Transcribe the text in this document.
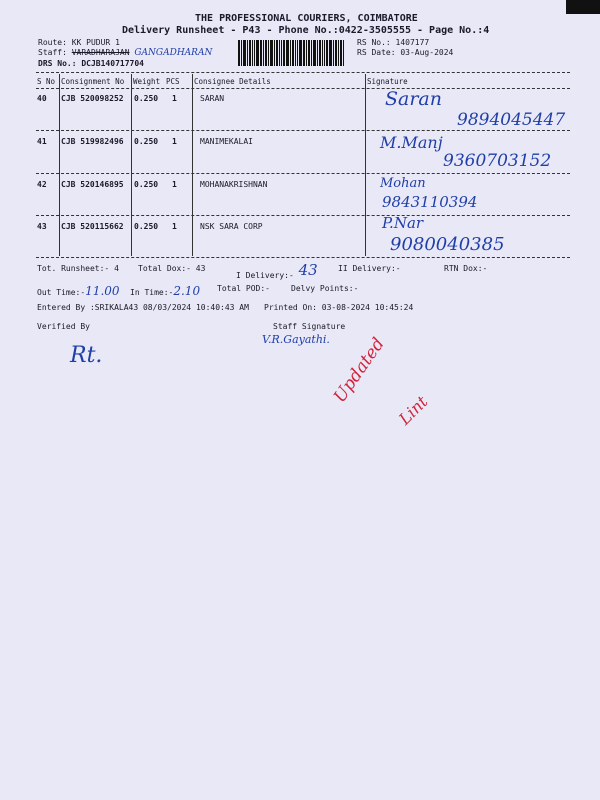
THE PROFESSIONAL COURIERS, COIMBATORE
Delivery Runsheet - P43 - Phone No.:0422-3505555 - Page No.:4
Route: KK PUDUR 1
Staff: VARADHARAJAN GANGADHARAN
DRS No.: DCJB140717704
RS No.: 1407177
RS Date: 03-Aug-2024
S No Consignment No Weight PCS Consignee Details	Signature
40 CJB 520098252 0.250 1	SARAN	Saran
9894045447
41 CJB 519982496 0.250 1	MANIMEKALAI	M.Manj
9360703152
42 CJB 520146895 0.250 1	MOHANAKRISHNAN	Mohan
9843110394
43 CJB 520115662 0.250 1	NSK SARA CORP	P.Nar
9080040385
Tot. Runsheet:- 4 Total Dox:- 43
I Delivery:- 43	II Delivery:-	RTN Dox:-
Out Time:-11.00 In Time:-2.10 Total POD:-	Delvy Points:-
Entered By :SRIKALA43 08/03/2024 10:40:43 AM Printed On: 03-08-2024 10:45:24
Verified By	Staff Signature
Rt.
V.R.Gayathi. Updated
Lint
